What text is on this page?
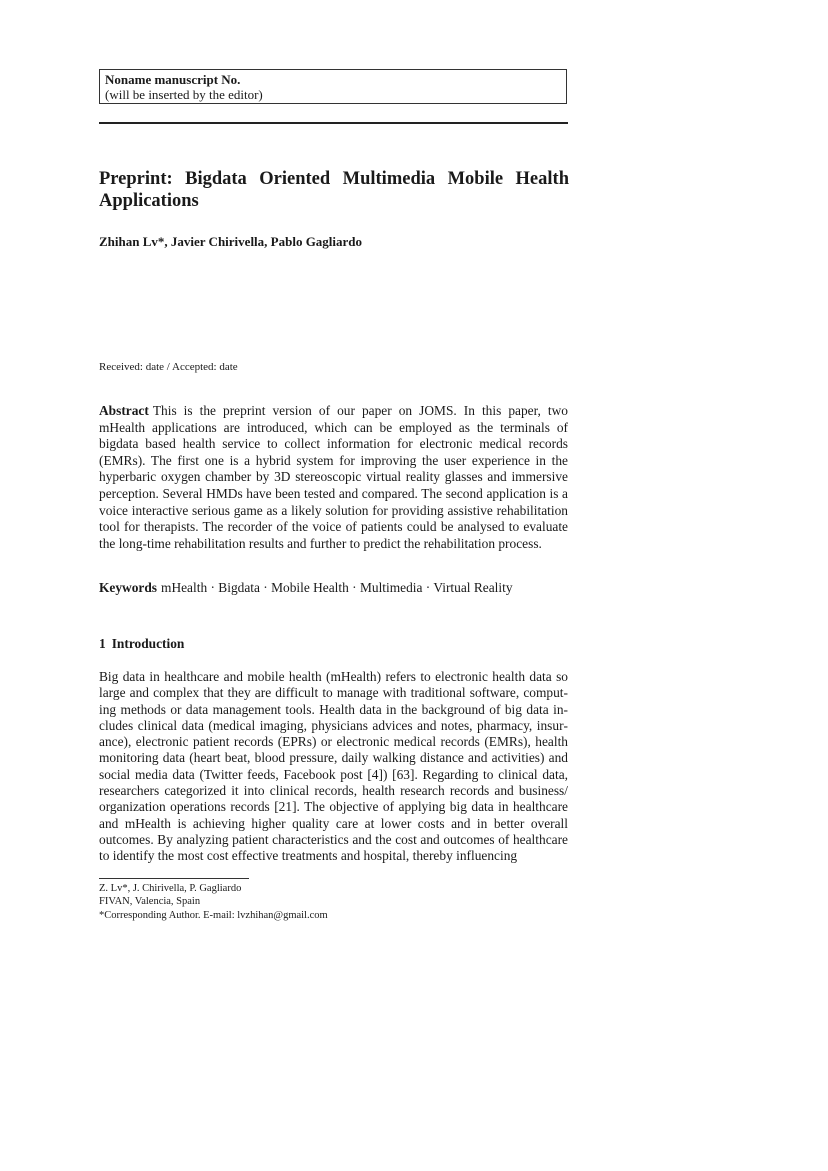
Noname manuscript No.
(will be inserted by the editor)
Preprint: Bigdata Oriented Multimedia Mobile Health Applications
Zhihan Lv*, Javier Chirivella, Pablo Gagliardo
Received: date / Accepted: date

Abstract This is the preprint version of our paper on JOMS. In this paper, two mHealth applications are introduced, which can be employed as the terminals of bigdata based health service to collect information for electronic medical records (EMRs). The first one is a hybrid system for improving the user experience in the hyperbaric oxygen chamber by 3D stereoscopic virtual reality glasses and immersive perception. Several HMDs have been tested and compared. The second application is a voice interactive serious game as a likely solution for providing assistive rehabilitation tool for therapists. The recorder of the voice of patients could be analysed to evaluate the long-time rehabilitation results and further to predict the rehabilitation process.

Keywords mHealth · Bigdata · Mobile Health · Multimedia · Virtual Reality
1 Introduction

Big data in healthcare and mobile health (mHealth) refers to electronic health data so large and complex that they are difficult to manage with traditional software, computing methods or data management tools. Health data in the background of big data includes clinical data (medical imaging, physicians advices and notes, pharmacy, insurance), electronic patient records (EPRs) or electronic medical records (EMRs), health monitoring data (heart beat, blood pressure, daily walking distance and activities) and social media data (Twitter feeds, Facebook post [4]) [63]. Regarding to clinical data, researchers categorized it into clinical records, health research records and business/ organization operations records [21]. The objective of applying big data in healthcare and mHealth is achieving higher quality care at lower costs and in better overall outcomes. By analyzing patient characteristics and the cost and outcomes of healthcare to identify the most cost effective treatments and hospital, thereby influencing

Z. Lv*, J. Chirivella, P. Gagliardo
FIVAN, Valencia, Spain
*Corresponding Author. E-mail: lvzhihan@gmail.com
